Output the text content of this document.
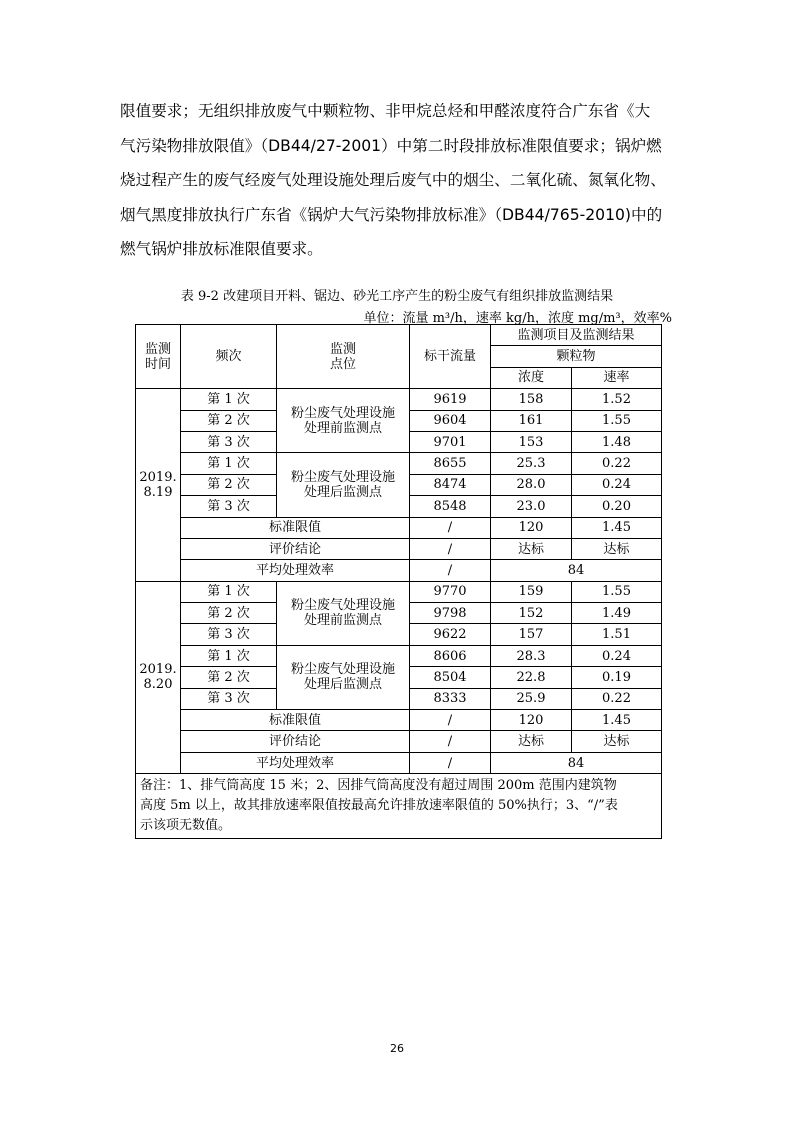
限值要求；无组织排放废气中颗粒物、非甲烷总烃和甲醛浓度符合广东省《大
气污染物排放限值》（DB44/27-2001）中第二时段排放标准限值要求；锅炉燃
烧过程产生的废气经废气处理设施处理后废气中的烟尘、二氧化硫、氮氧化物、
烟气黑度排放执行广东省《锅炉大气污染物排放标准》（DB44/765-2010)中的
燃气锅炉排放标准限值要求。
表 9-2 改建项目开料、锯边、砂光工序产生的粉尘废气有组织排放监测结果
单位：流量 m³/h，速率 kg/h，浓度 mg/m³，效率%
监测
时间	频次	监测
点位	标干流量	监测项目及监测结果	
				颗粒物	
				浓度	速率
2019.
8.19	第 1 次	粉尘废气处理设施
处理前监测点	9619	158	1.52
	第 2 次		9604	161	1.55
	第 3 次		9701	153	1.48
	第 1 次	粉尘废气处理设施
处理后监测点	8655	25.3	0.22
	第 2 次		8474	28.0	0.24
	第 3 次		8548	23.0	0.20
	标准限值		/	120	1.45
	评价结论		/	达标	达标
	平均处理效率		/	84	
2019.
8.20	第 1 次	粉尘废气处理设施
处理前监测点	9770	159	1.55
	第 2 次		9798	152	1.49
	第 3 次		9622	157	1.51
	第 1 次	粉尘废气处理设施
处理后监测点	8606	28.3	0.24
	第 2 次		8504	22.8	0.19
	第 3 次		8333	25.9	0.22
	标准限值		/	120	1.45
	评价结论		/	达标	达标
	平均处理效率		/	84	

备注：1、排气筒高度 15 米；2、因排气筒高度没有超过周围 200m 范围内建筑物
高度 5m 以上，故其排放速率限值按最高允许排放速率限值的 50%执行；3、“/”表
示该项无数值。					
26
